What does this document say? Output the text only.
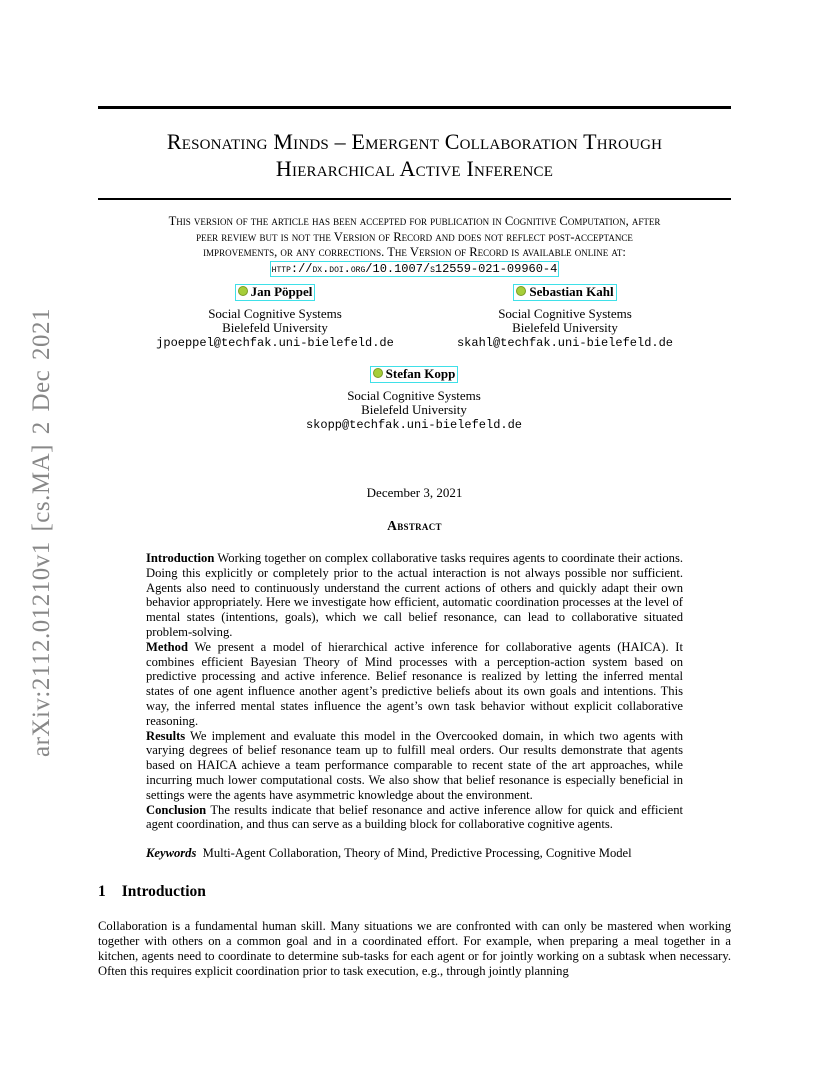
Resonating Minds – Emergent Collaboration Through
Hierarchical Active Inference
This version of the article has been accepted for publication in Cognitive Computation, after
peer review but is not the Version of Record and does not reflect post-acceptance
improvements, or any corrections. The Version of Record is available online at:
http://dx.doi.org/10.1007/s12559-021-09960-4
Jan Pöppel
Social Cognitive Systems
Bielefeld University
jpoeppel@techfak.uni-bielefeld.de
Sebastian Kahl
Social Cognitive Systems
Bielefeld University
skahl@techfak.uni-bielefeld.de
Stefan Kopp
Social Cognitive Systems
Bielefeld University
skopp@techfak.uni-bielefeld.de
December 3, 2021
Abstract

Introduction Working together on complex collaborative tasks requires agents to coordinate their actions. Doing this explicitly or completely prior to the actual interaction is not always possible nor sufficient. Agents also need to continuously understand the current actions of others and quickly adapt their own behavior appropriately. Here we investigate how efficient, automatic coordination processes at the level of mental states (intentions, goals), which we call belief resonance, can lead to collaborative situated problem-solving.

Method We present a model of hierarchical active inference for collaborative agents (HAICA). It combines efficient Bayesian Theory of Mind processes with a perception-action system based on predictive processing and active inference. Belief resonance is realized by letting the inferred mental states of one agent influence another agent’s predictive beliefs about its own goals and intentions. This way, the inferred mental states influence the agent’s own task behavior without explicit collaborative reasoning.

Results We implement and evaluate this model in the Overcooked domain, in which two agents with varying degrees of belief resonance team up to fulfill meal orders. Our results demonstrate that agents based on HAICA achieve a team performance comparable to recent state of the art approaches, while incurring much lower computational costs. We also show that belief resonance is especially beneficial in settings were the agents have asymmetric knowledge about the environment.

Conclusion The results indicate that belief resonance and active inference allow for quick and efficient agent coordination, and thus can serve as a building block for collaborative cognitive agents.

Keywords Multi-Agent Collaboration, Theory of Mind, Predictive Processing, Cognitive Model
1 Introduction

Collaboration is a fundamental human skill. Many situations we are confronted with can only be mastered when working together with others on a common goal and in a coordinated effort. For example, when preparing a meal together in a kitchen, agents need to coordinate to determine sub-tasks for each agent or for jointly working on a subtask when necessary. Often this requires explicit coordination prior to task execution, e.g., through jointly planning

arXiv:2112.01210v1 [cs.MA] 2 Dec 2021
